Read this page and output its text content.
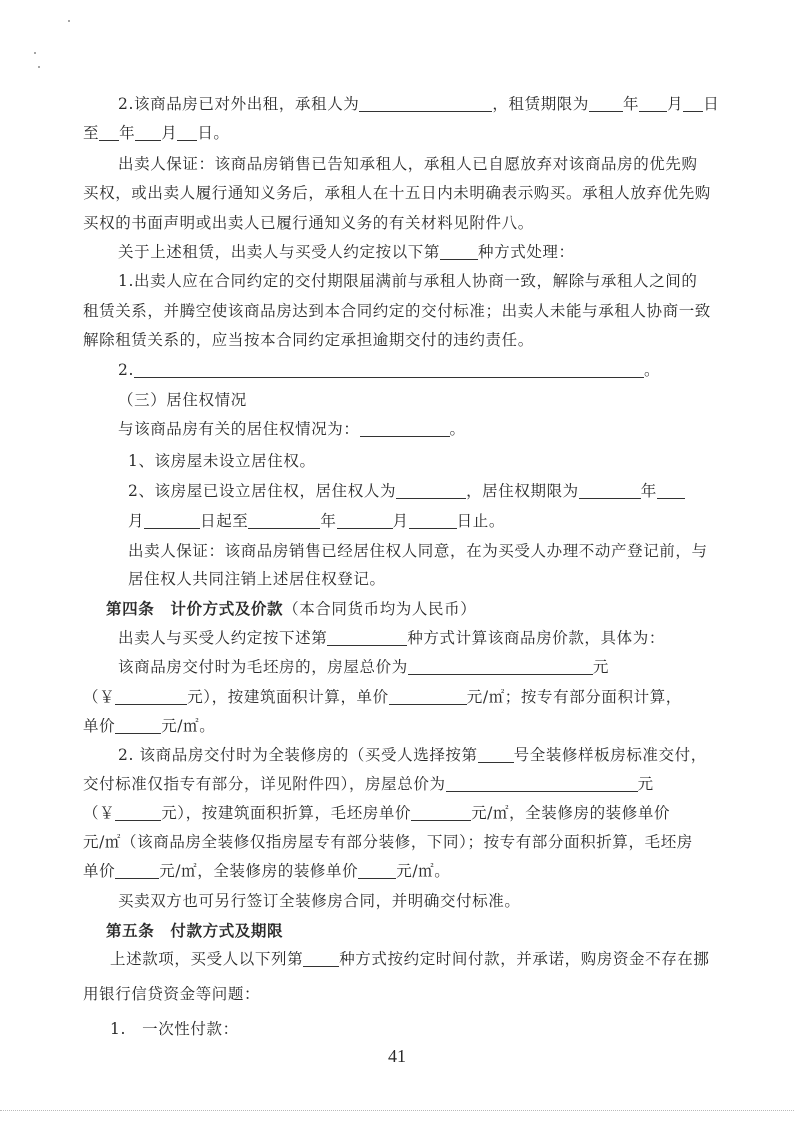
2.该商品房已对外出租，承租人为	，租赁期限为 年 月 日
至 年 月 日。
出卖人保证：该商品房销售已告知承租人，承租人已自愿放弃对该商品房的优先购
买权，或出卖人履行通知义务后，承租人在十五日内未明确表示购买。承租人放弃优先购
买权的书面声明或出卖人已履行通知义务的有关材料见附件八。
关于上述租赁，出卖人与买受人约定按以下第 种方式处理：
1.出卖人应在合同约定的交付期限届满前与承租人协商一致，解除与承租人之间的
租赁关系，并腾空使该商品房达到本合同约定的交付标准；出卖人未能与承租人协商一致
解除租赁关系的，应当按本合同约定承担逾期交付的违约责任。
2.	。
（三）居住权情况
与该商品房有关的居住权情况为：	。
1、该房屋未设立居住权。
2、该房屋已设立居住权，居住权人为	，居住权期限为	年
月	日起至	年	月	日止。
出卖人保证：该商品房销售已经居住权人同意，在为买受人办理不动产登记前，与
居住权人共同注销上述居住权登记。
第四条　计价方式及价款（本合同货币均为人民币）
出卖人与买受人约定按下述第	种方式计算该商品房价款，具体为：
该商品房交付时为毛坯房的，房屋总价为	元
（￥	元），按建筑面积计算，单价	元/㎡；按专有部分面积计算，
单价	元/㎡。
2. 该商品房交付时为全装修房的（买受人选择按第 号全装修样板房标准交付，
交付标准仅指专有部分，详见附件四），房屋总价为	元
（￥	元），按建筑面积折算，毛坯房单价	元/㎡，全装修房的装修单价
元/㎡（该商品房全装修仅指房屋专有部分装修，下同）；按专有部分面积折算，毛坯房
单价	元/㎡，全装修房的装修单价 元/㎡。
买卖双方也可另行签订全装修房合同，并明确交付标准。
第五条　付款方式及期限
上述款项，买受人以下列第 种方式按约定时间付款，并承诺，购房资金不存在挪
用银行信贷资金等问题：
1.　一次性付款：
41
